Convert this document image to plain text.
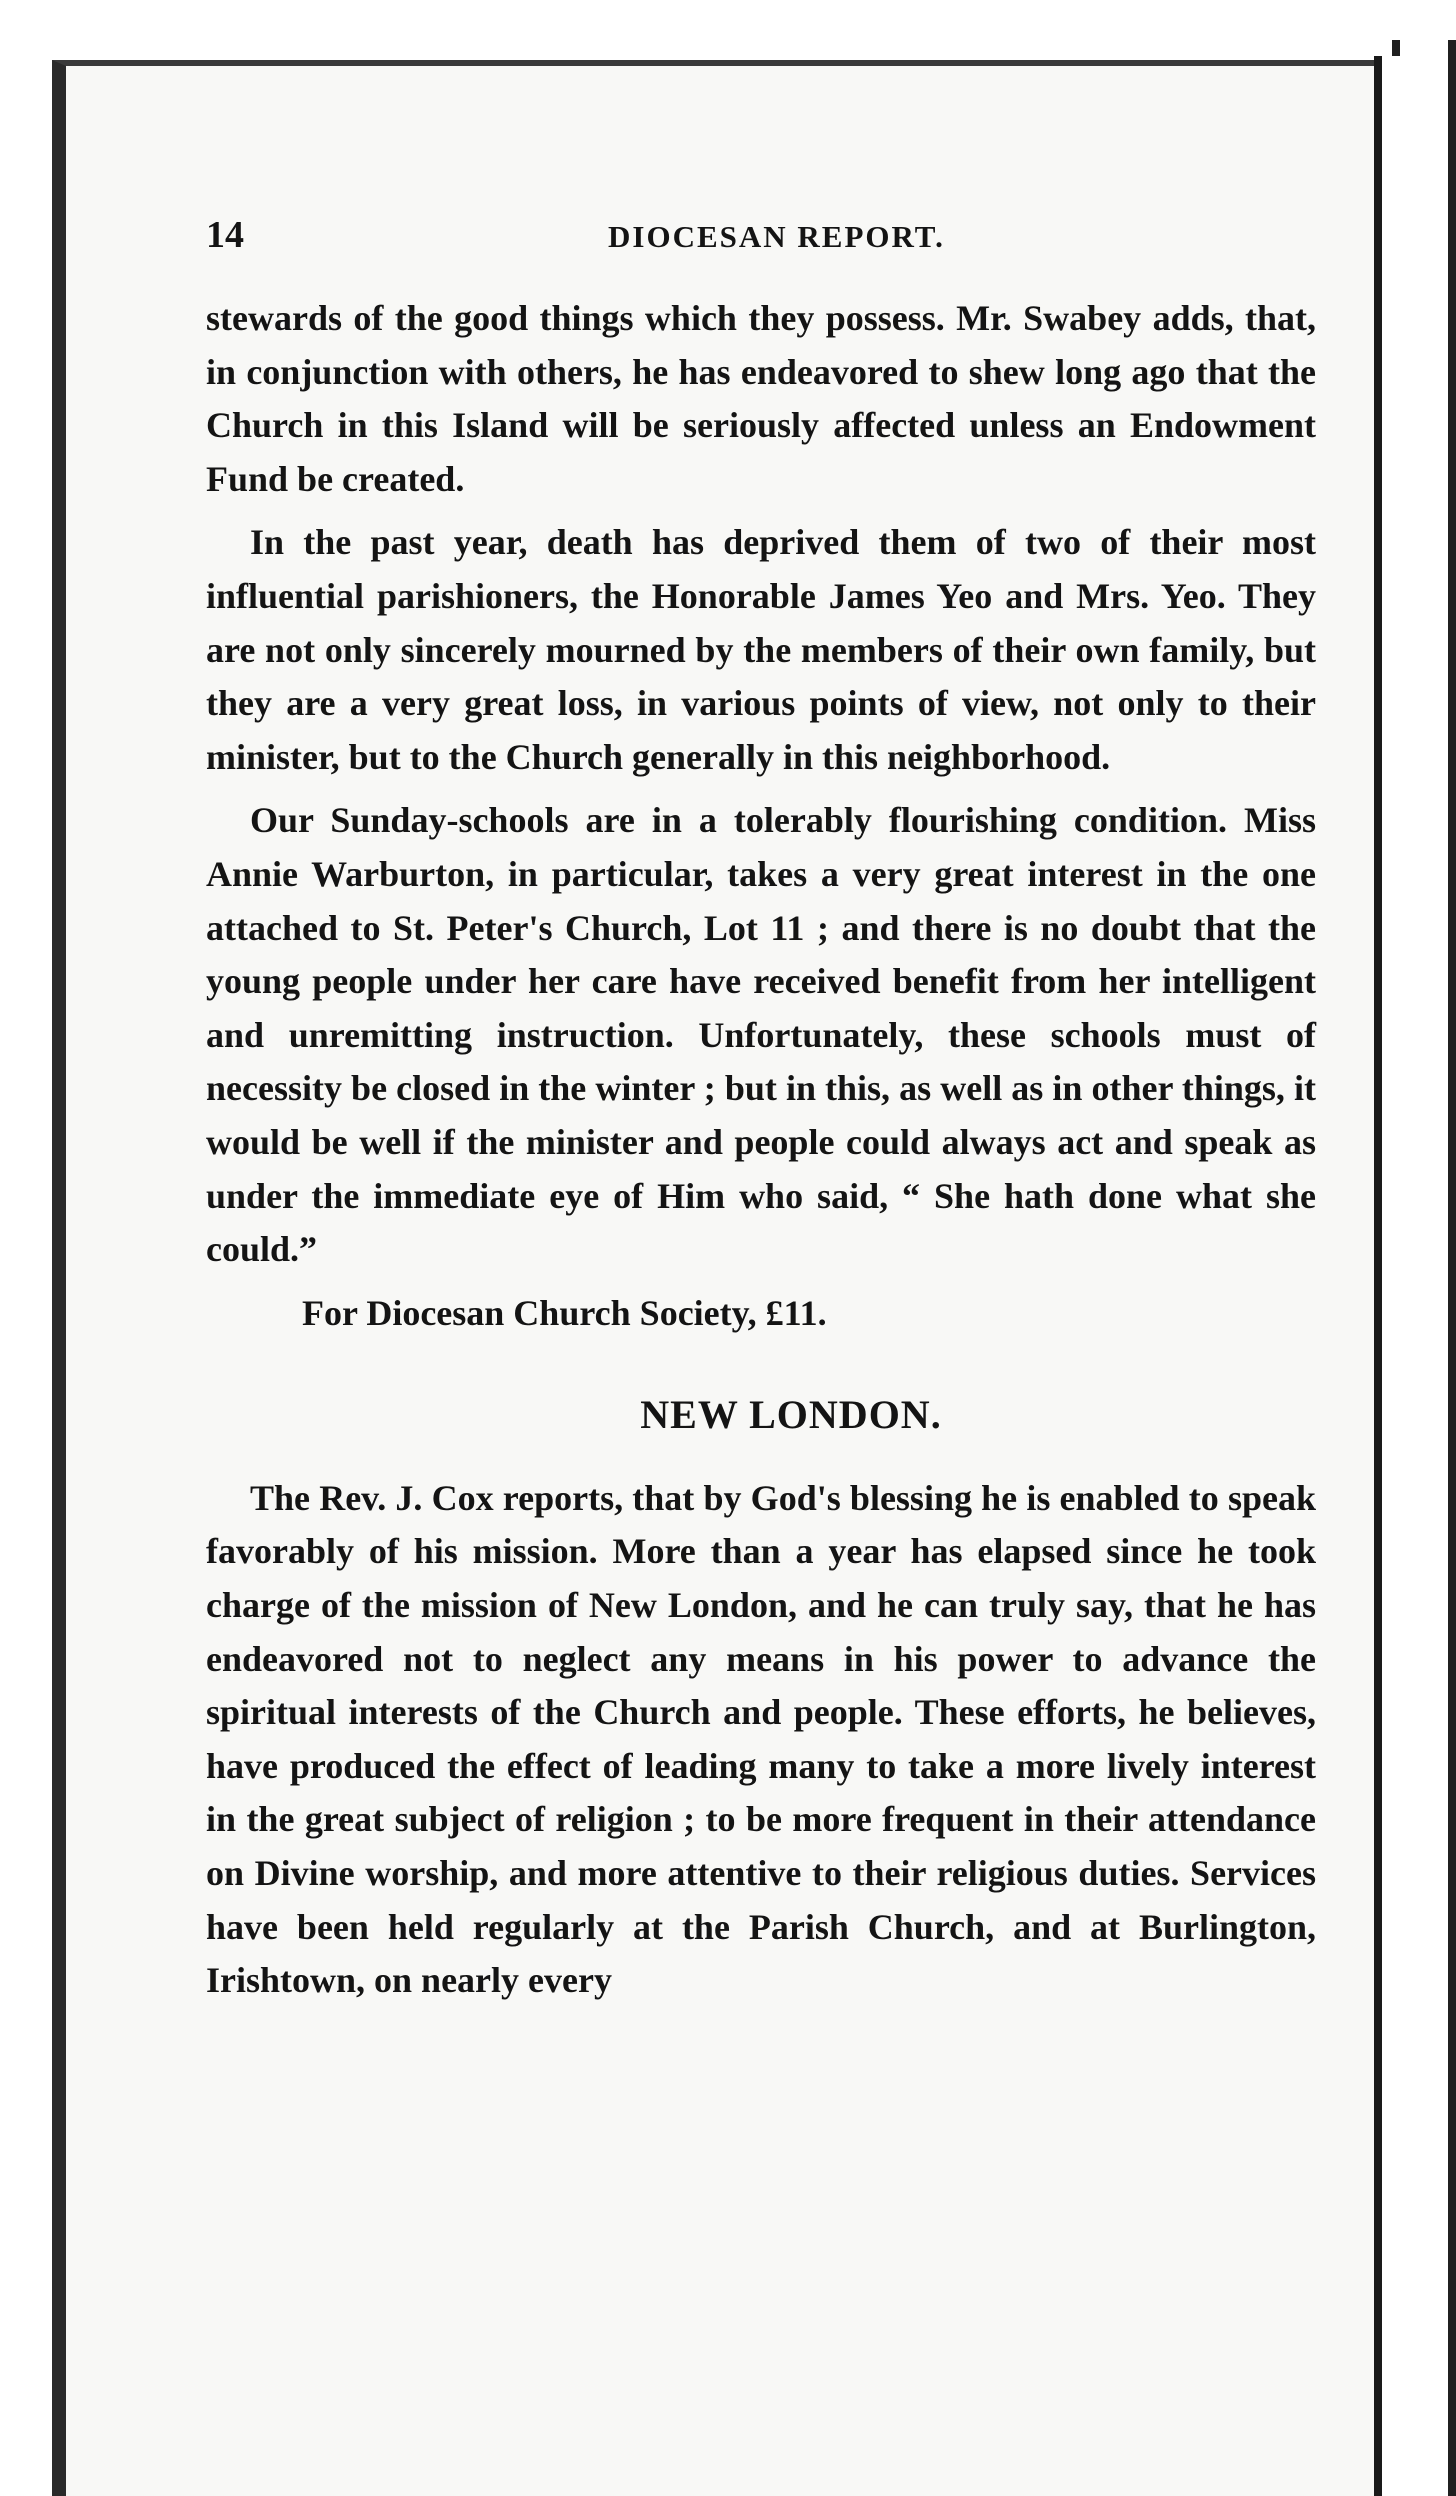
14	DIOCESAN REPORT.

stewards of the good things which they possess. Mr. Swabey adds, that, in conjunction with others, he has endeavored to shew long ago that the Church in this Island will be seriously affected unless an Endowment Fund be created.

In the past year, death has deprived them of two of their most influential parishioners, the Honorable James Yeo and Mrs. Yeo. They are not only sincerely mourned by the members of their own family, but they are a very great loss, in various points of view, not only to their minister, but to the Church generally in this neighborhood.

Our Sunday-schools are in a tolerably flourishing condition. Miss Annie Warburton, in particular, takes a very great interest in the one attached to St. Peter's Church, Lot 11 ; and there is no doubt that the young people under her care have received benefit from her intelligent and unremitting instruction. Unfortunately, these schools must of necessity be closed in the winter ; but in this, as well as in other things, it would be well if the minister and people could always act and speak as under the immediate eye of Him who said, “ She hath done what she could.”

For Diocesan Church Society, £11.

NEW LONDON.

The Rev. J. Cox reports, that by God's blessing he is enabled to speak favorably of his mission. More than a year has elapsed since he took charge of the mission of New London, and he can truly say, that he has endeavored not to neglect any means in his power to advance the spiritual interests of the Church and people. These efforts, he believes, have produced the effect of leading many to take a more lively interest in the great subject of religion ; to be more frequent in their attendance on Divine worship, and more attentive to their religious duties. Services have been held regularly at the Parish Church, and at Burlington, Irishtown, on nearly every
